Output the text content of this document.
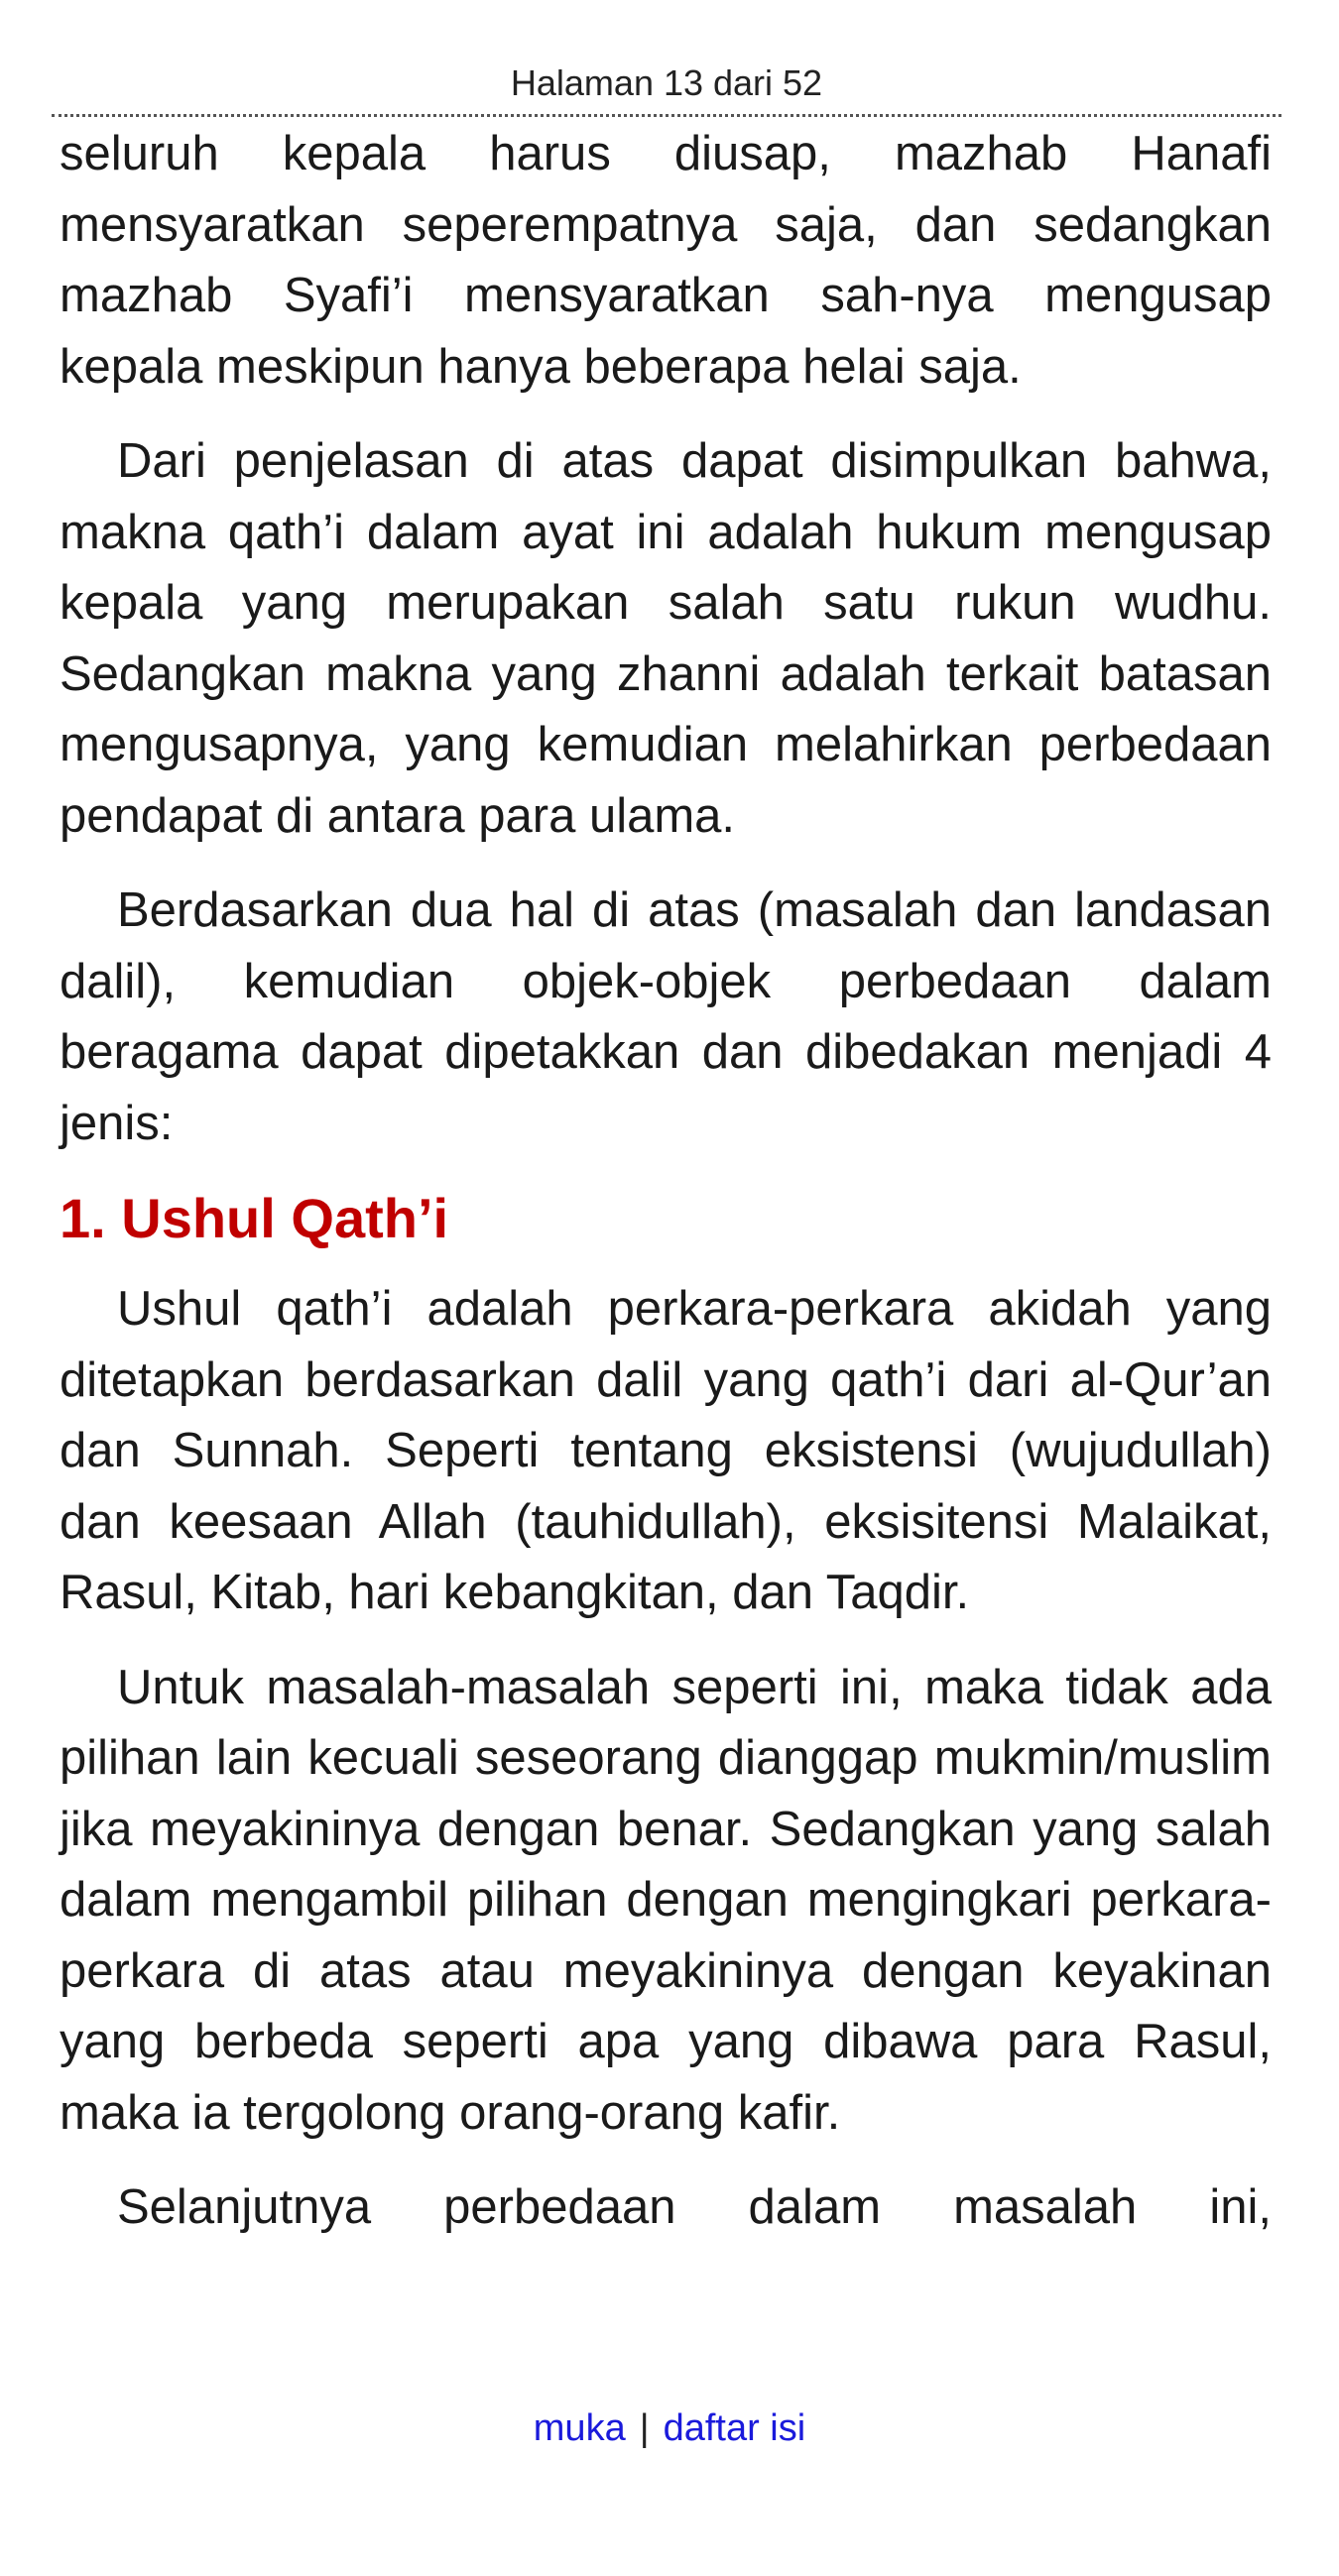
Halaman 13 dari 52

seluruh kepala harus diusap, mazhab Hanafi mensyaratkan seperempatnya saja, dan sedangkan mazhab Syafi’i mensyaratkan sah-nya mengusap kepala meskipun hanya beberapa helai saja.

Dari penjelasan di atas dapat disimpulkan bahwa, makna qath’i dalam ayat ini adalah hukum mengusap kepala yang merupakan salah satu rukun wudhu. Sedangkan makna yang zhanni adalah terkait batasan mengusapnya, yang kemudian melahirkan perbedaan pendapat di antara para ulama.

Berdasarkan dua hal di atas (masalah dan landasan dalil), kemudian objek-objek perbedaan dalam beragama dapat dipetakkan dan dibedakan menjadi 4 jenis:

1. Ushul Qath’i

Ushul qath’i adalah perkara-perkara akidah yang ditetapkan berdasarkan dalil yang qath’i dari al-Qur’an dan Sunnah. Seperti tentang eksistensi (wujudullah) dan keesaan Allah (tauhidullah), eksisitensi Malaikat, Rasul, Kitab, hari kebangkitan, dan Taqdir.

Untuk masalah-masalah seperti ini, maka tidak ada pilihan lain kecuali seseorang dianggap mukmin/muslim jika meyakininya dengan benar. Sedangkan yang salah dalam mengambil pilihan dengan mengingkari perkara-perkara di atas atau meyakininya dengan keyakinan yang berbeda seperti apa yang dibawa para Rasul, maka ia tergolong orang-orang kafir.

Selanjutnya perbedaan dalam masalah ini,

muka | daftar isi
